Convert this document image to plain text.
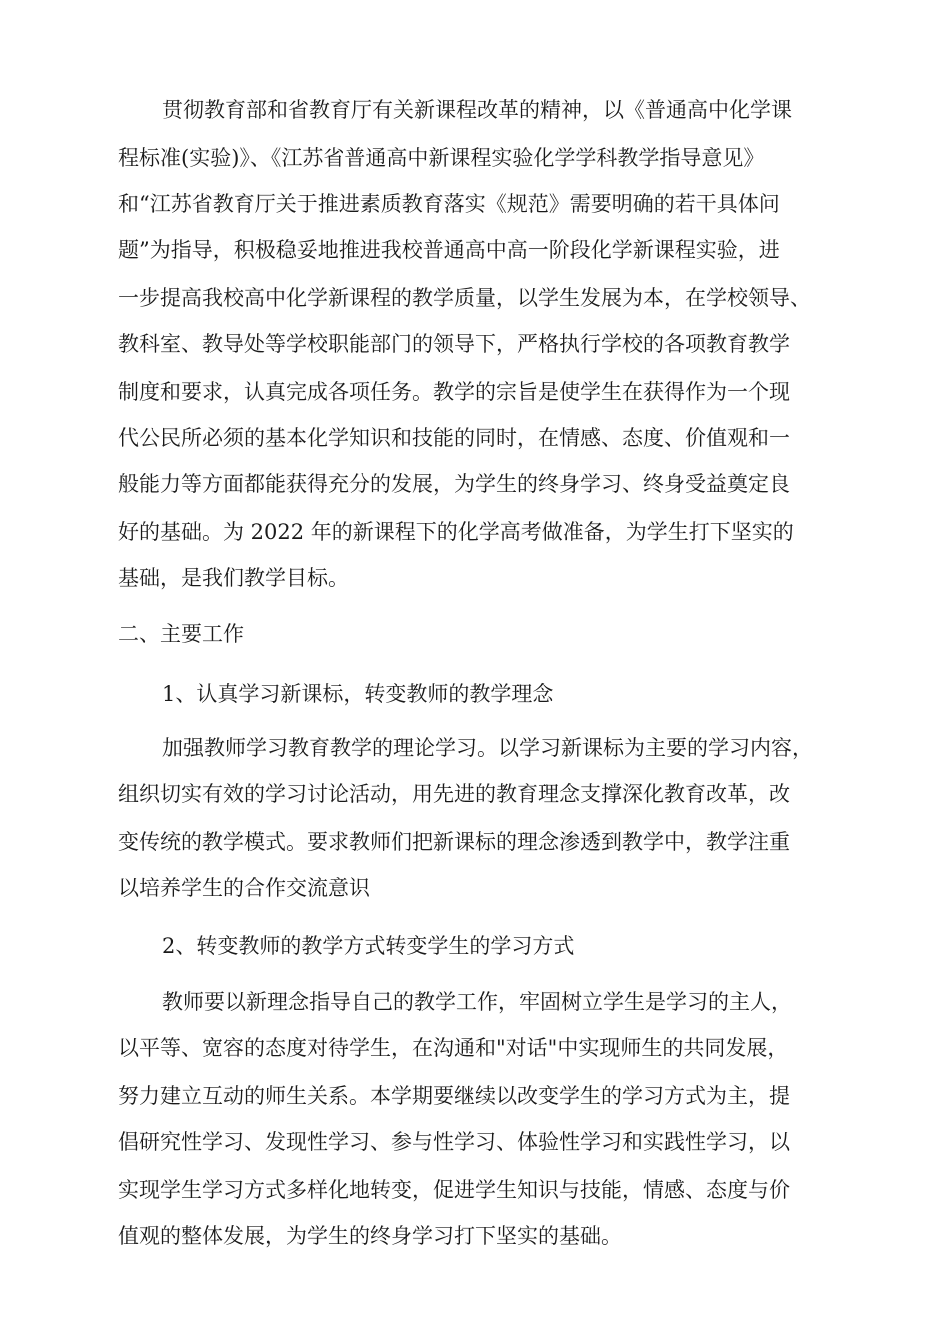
贯彻教育部和省教育厅有关新课程改革的精神，以《普通高中化学课
程标准(实验)》、《江苏省普通高中新课程实验化学学科教学指导意见》
和“江苏省教育厅关于推进素质教育落实《规范》需要明确的若干具体问
题”为指导，积极稳妥地推进我校普通高中高一阶段化学新课程实验，进
一步提高我校高中化学新课程的教学质量，以学生发展为本，在学校领导、
教科室、教导处等学校职能部门的领导下，严格执行学校的各项教育教学
制度和要求，认真完成各项任务。教学的宗旨是使学生在获得作为一个现
代公民所必须的基本化学知识和技能的同时，在情感、态度、价值观和一
般能力等方面都能获得充分的发展，为学生的终身学习、终身受益奠定良
好的基础。为 2022 年的新课程下的化学高考做准备，为学生打下坚实的
基础，是我们教学目标。
二、主要工作
1、认真学习新课标，转变教师的教学理念
加强教师学习教育教学的理论学习。以学习新课标为主要的学习内容，
组织切实有效的学习讨论活动，用先进的教育理念支撑深化教育改革，改
变传统的教学模式。要求教师们把新课标的理念渗透到教学中，教学注重
以培养学生的合作交流意识
2、转变教师的教学方式转变学生的学习方式
教师要以新理念指导自己的教学工作，牢固树立学生是学习的主人，
以平等、宽容的态度对待学生，在沟通和"对话"中实现师生的共同发展，
努力建立互动的师生关系。本学期要继续以改变学生的学习方式为主，提
倡研究性学习、发现性学习、参与性学习、体验性学习和实践性学习，以
实现学生学习方式多样化地转变，促进学生知识与技能，情感、态度与价
值观的整体发展，为学生的终身学习打下坚实的基础。
